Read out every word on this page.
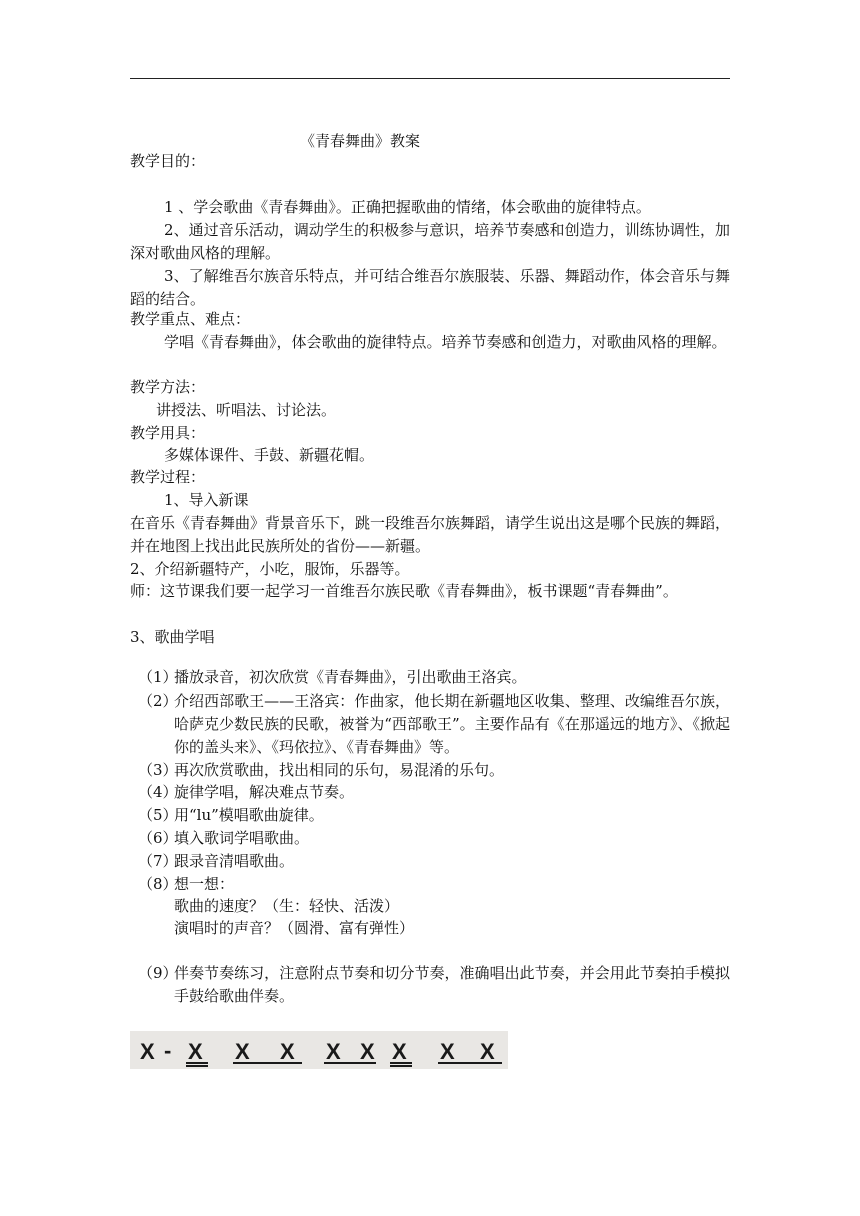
《青春舞曲》教案
教学目的：
1 、学会歌曲《青春舞曲》。正确把握歌曲的情绪，体会歌曲的旋律特点。
2、通过音乐活动，调动学生的积极参与意识，培养节奏感和创造力，训练协调性，加深对歌曲风格的理解。
3、了解维吾尔族音乐特点，并可结合维吾尔族服装、乐器、舞蹈动作，体会音乐与舞蹈的结合。
教学重点、难点：
学唱《青春舞曲》，体会歌曲的旋律特点。培养节奏感和创造力，对歌曲风格的理解。
教学方法：
讲授法、听唱法、讨论法。
教学用具：
多媒体课件、手鼓、新疆花帽。
教学过程：
1、导入新课
在音乐《青春舞曲》背景音乐下，跳一段维吾尔族舞蹈，请学生说出这是哪个民族的舞蹈，并在地图上找出此民族所处的省份——新疆。
2、介绍新疆特产，小吃，服饰，乐器等。
师：这节课我们要一起学习一首维吾尔族民歌《青春舞曲》，板书课题“青春舞曲”。
3、歌曲学唱
（1）
播放录音，初次欣赏《青春舞曲》，引出歌曲王洛宾。
（2）
介绍西部歌王——王洛宾：作曲家，他长期在新疆地区收集、整理、改编维吾尔族，哈萨克少数民族的民歌，被誉为“西部歌王”。主要作品有《在那遥远的地方》、《掀起你的盖头来》、《玛依拉》、《青春舞曲》等。
（3）
再次欣赏歌曲，找出相同的乐句，易混淆的乐句。
（4）
旋律学唱，解决难点节奏。
（5）
用“lu”模唱歌曲旋律。
（6）
填入歌词学唱歌曲。
（7）
跟录音清唱歌曲。
（8）
想一想：
歌曲的速度？（生：轻快、活泼）
演唱时的声音？（圆滑、富有弹性）
（9）
伴奏节奏练习，注意附点节奏和切分节奏，准确唱出此节奏，并会用此节奏拍手模拟手鼓给歌曲伴奏。
X - X X X X X X X X
